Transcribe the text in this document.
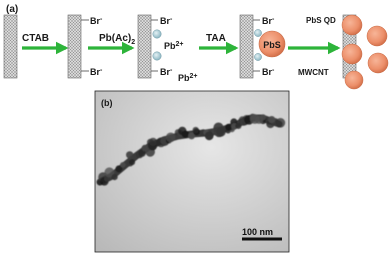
(a)
CTAB
Br-
Br-
$Pb(Ac)_2$
Br-
$Pb^{2+}$
Br-
$Pb^{2+}$
TAA
PbS
Br-
Br-
PbS QD
MWCNT
(b)
100 nm
